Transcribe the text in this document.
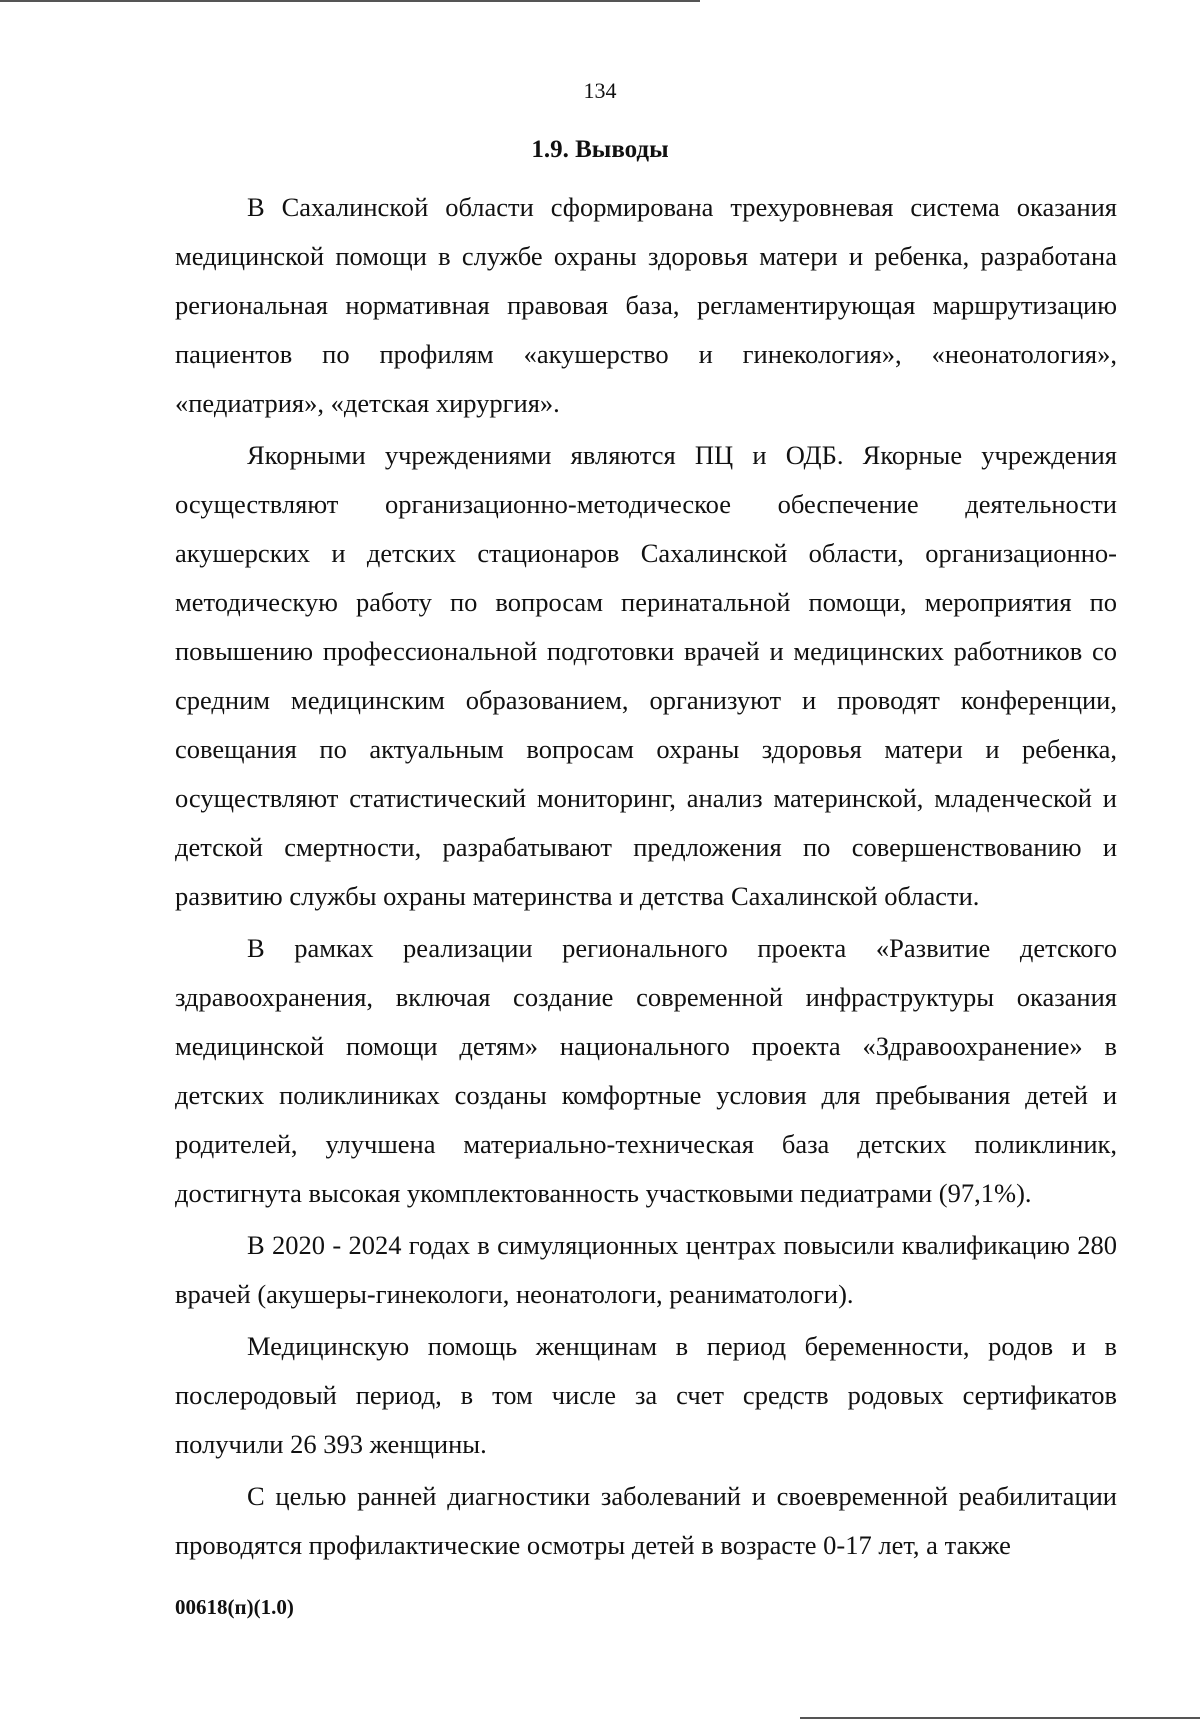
134
1.9. Выводы

В Сахалинской области сформирована трехуровневая система оказания медицинской помощи в службе охраны здоровья матери и ребенка, разработана региональная нормативная правовая база, регламентирующая маршрутизацию пациентов по профилям «акушерство и гинекология», «неонатология», «педиатрия», «детская хирургия».

Якорными учреждениями являются ПЦ и ОДБ. Якорные учреждения осуществляют организационно-методическое обеспечение деятельности акушерских и детских стационаров Сахалинской области, организационно-методическую работу по вопросам перинатальной помощи, мероприятия по повышению профессиональной подготовки врачей и медицинских работников со средним медицинским образованием, организуют и проводят конференции, совещания по актуальным вопросам охраны здоровья матери и ребенка, осуществляют статистический мониторинг, анализ материнской, младенческой и детской смертности, разрабатывают предложения по совершенствованию и развитию службы охраны материнства и детства Сахалинской области.

В рамках реализации регионального проекта «Развитие детского здравоохранения, включая создание современной инфраструктуры оказания медицинской помощи детям» национального проекта «Здравоохранение» в детских поликлиниках созданы комфортные условия для пребывания детей и родителей, улучшена материально-техническая база детских поликлиник, достигнута высокая укомплектованность участковыми педиатрами (97,1%).

В 2020 - 2024 годах в симуляционных центрах повысили квалификацию 280 врачей (акушеры-гинекологи, неонатологи, реаниматологи).

Медицинскую помощь женщинам в период беременности, родов и в послеродовый период, в том числе за счет средств родовых сертификатов получили 26 393 женщины.

С целью ранней диагностики заболеваний и своевременной реабилитации проводятся профилактические осмотры детей в возрасте 0-17 лет, а также

00618(п)(1.0)
